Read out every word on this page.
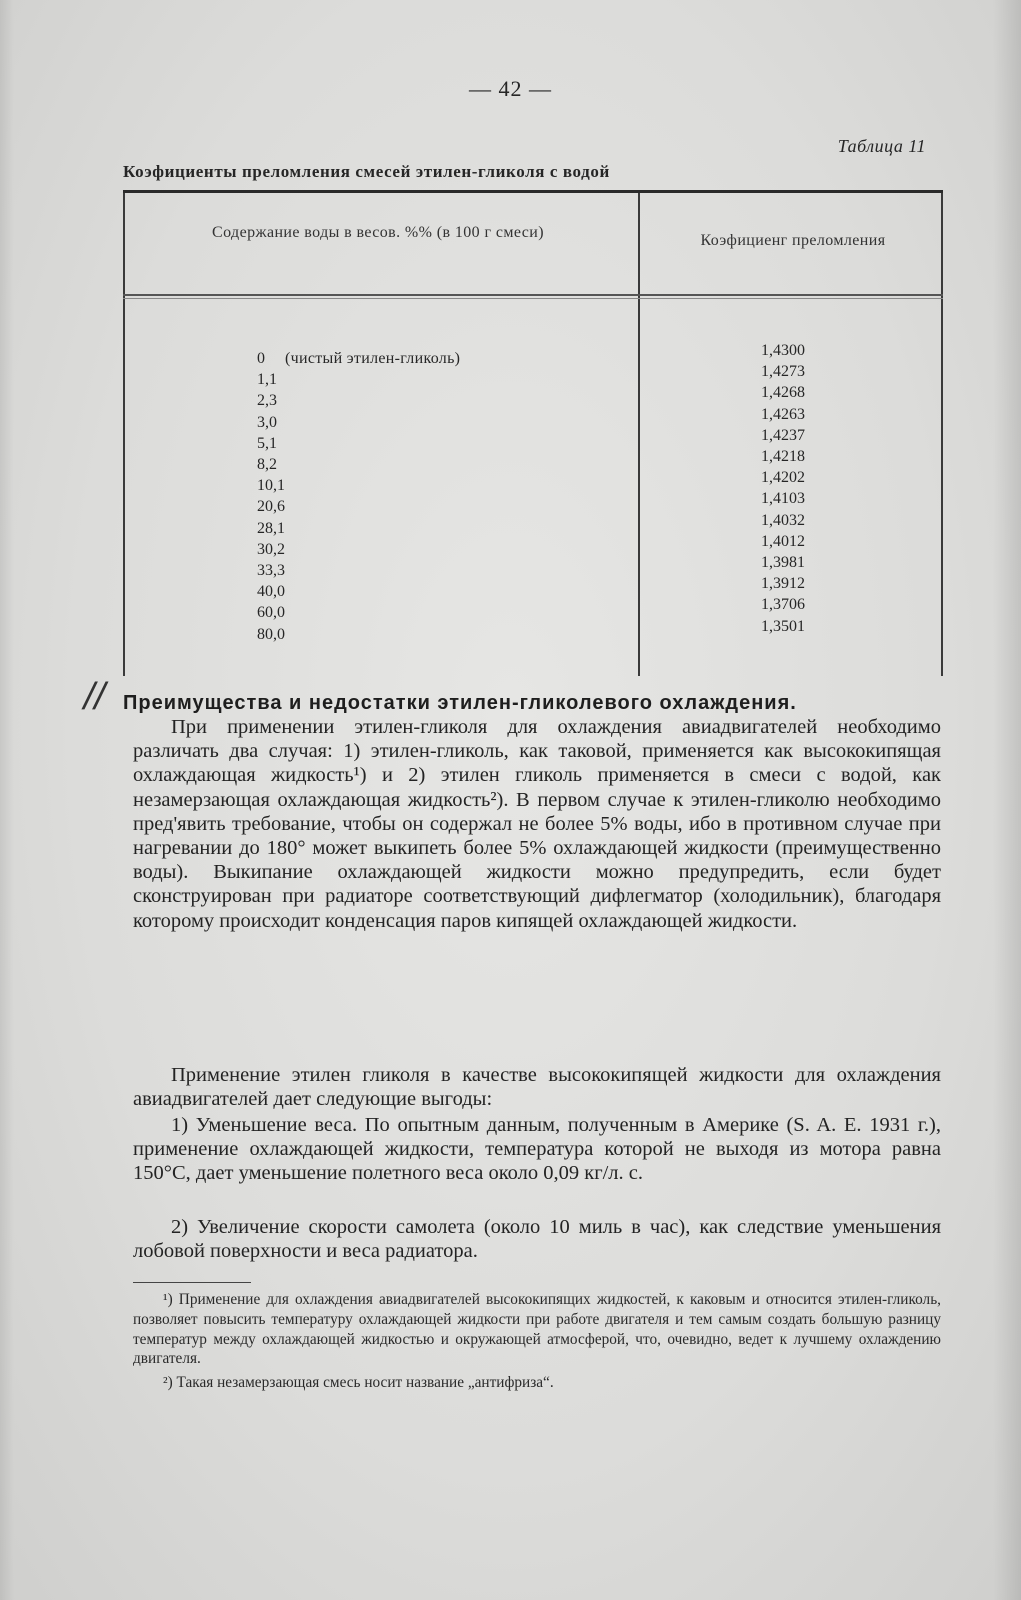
— 42 —
Таблица 11
Коэфициенты преломления смесей этилен-гликоля с водой
Содержание воды в весов. %% (в 100 г смеси)	Коэфициенг преломления
0 (чистый этилен-гликоль)
1,1
2,3
3,0
5,1
8,2
10,1
20,6
28,1
30,2
33,3
40,0
60,0
80,0
1,4300
1,4273
1,4268
1,4263
1,4237
1,4218
1,4202
1,4103
1,4032
1,4012
1,3981
1,3912
1,3706
1,3501
// Преимущества и недостатки этилен-гликолевого охлаждения.

При применении этилен-гликоля для охлаждения авиадвигателей необходимо различать два случая: 1) этилен-гликоль, как таковой, применяется как высококипящая охлаждающая жидкость¹) и 2) этилен гликоль применяется в смеси с водой, как незамерзающая охлаждающая жидкость²). В первом случае к этилен-гликолю необходимо пред'явить требование, чтобы он содержал не более 5% воды, ибо в противном случае при нагревании до 180° может выкипеть более 5% охлаждающей жидкости (преимущественно воды). Выкипание охлаждающей жидкости можно предупредить, если будет сконструирован при радиаторе соответствующий дифлегматор (холодильник), благодаря которому происходит конденсация паров кипящей охлаждающей жидкости.

Применение этилен гликоля в качестве высококипящей жидкости для охлаждения авиадвигателей дает следующие выгоды:

1) Уменьшение веса. По опытным данным, полученным в Америке (S. A. E. 1931 г.), применение охлаждающей жидкости, температура которой не выходя из мотора равна 150°С, дает уменьшение полетного веса около 0,09 кг/л. с.

2) Увеличение скорости самолета (около 10 миль в час), как следствие уменьшения лобовой поверхности и веса радиатора.

¹) Применение для охлаждения авиадвигателей высококипящих жидкостей, к каковым и относится этилен-гликоль, позволяет повысить температуру охлаждающей жидкости при работе двигателя и тем самым создать большую разницу температур между охлаждающей жидкостью и окружающей атмосферой, что, очевидно, ведет к лучшему охлаждению двигателя.

²) Такая незамерзающая смесь носит название „антифриза“.
